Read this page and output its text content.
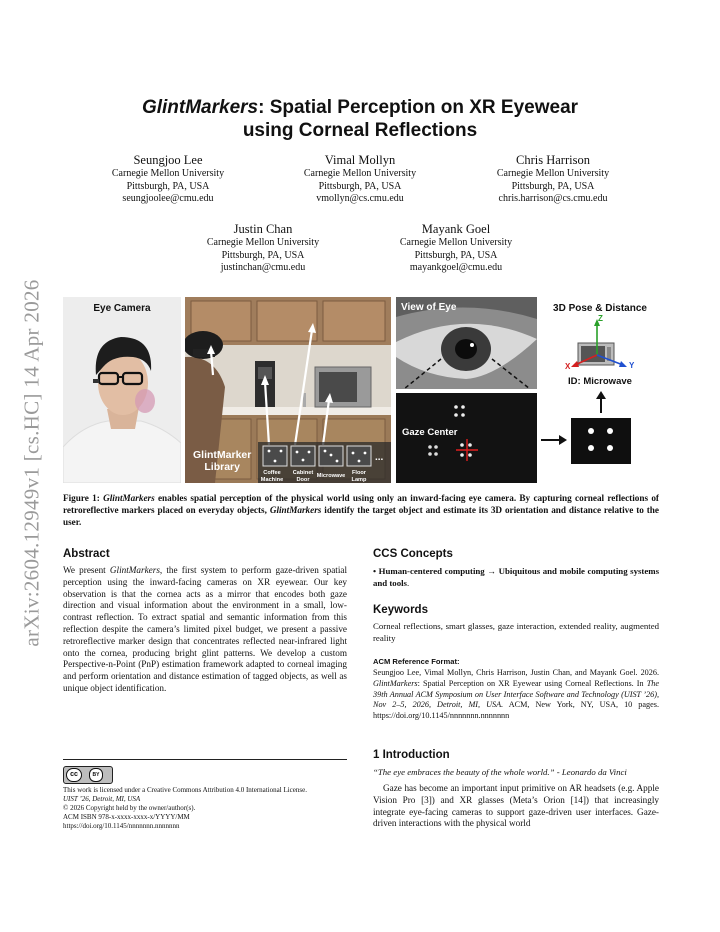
arXiv:2604.12949v1 [cs.HC] 14 Apr 2026
GlintMarkers: Spatial Perception on XR Eyewear
using Corneal Reflections
Seungjoo Lee
Carnegie Mellon University
Pittsburgh, PA, USA
seungjoolee@cmu.edu
Vimal Mollyn
Carnegie Mellon University
Pittsburgh, PA, USA
vmollyn@cs.cmu.edu
Chris Harrison
Carnegie Mellon University
Pittsburgh, PA, USA
chris.harrison@cs.cmu.edu
Justin Chan
Carnegie Mellon University
Pittsburgh, PA, USA
justinchan@cmu.edu
Mayank Goel
Carnegie Mellon University
Pittsburgh, PA, USA
mayankgoel@cmu.edu
Eye Camera
GlintMarker
Library	Coffee Machine
Cabinet Door
Microwave	Floor Lamp
...
View of Eye
Gaze Center
3D Pose & Distance
Z
X	Y
ID: Microwave
Figure 1: GlintMarkers enables spatial perception of the physical world using only an inward-facing eye camera. By capturing corneal reflections of retroreflective markers placed on everyday objects, GlintMarkers identify the target object and estimate its 3D orientation and distance relative to the user.
Abstract
We present GlintMarkers, the first system to perform gaze-driven spatial perception using the inward-facing cameras on XR eyewear. Our key observation is that the cornea acts as a mirror that encodes both gaze direction and visual information about the environment in a small, low-contrast reflection. To extract spatial and semantic information from this reflection despite the camera’s limited pixel budget, we present a passive retroreflective marker design that concentrates reflected near-infrared light onto the cornea, producing bright glint patterns. We develop a custom Perspective-n-Point (PnP) estimation framework adapted to corneal imaging and perform orientation and distance estimation of tagged objects, as well as unique object identification.
cc	BY
This work is licensed under a Creative Commons Attribution 4.0 International License.
UIST ’26, Detroit, MI, USA
© 2026 Copyright held by the owner/author(s).
ACM ISBN 978-x-xxxx-xxxx-x/YYYY/MM
https://doi.org/10.1145/nnnnnnn.nnnnnnn
CCS Concepts
• Human-centered computing → Ubiquitous and mobile computing systems and tools.
Keywords
Corneal reflections, smart glasses, gaze interaction, extended reality, augmented reality
ACM Reference Format:
Seungjoo Lee, Vimal Mollyn, Chris Harrison, Justin Chan, and Mayank Goel. 2026. GlintMarkers: Spatial Perception on XR Eyewear using Corneal Reflections. In The 39th Annual ACM Symposium on User Interface Software and Technology (UIST ’26), Nov 2–5, 2026, Detroit, MI, USA. ACM, New York, NY, USA, 10 pages. https://doi.org/10.1145/nnnnnnn.nnnnnnn
1 Introduction
“The eye embraces the beauty of the whole world.” - Leonardo da Vinci
Gaze has become an important input primitive on AR headsets (e.g. Apple Vision Pro [3]) and XR glasses (Meta’s Orion [14]) that increasingly integrate eye-facing cameras to support gaze-driven user interfaces. Gaze-driven interactions with the physical world
